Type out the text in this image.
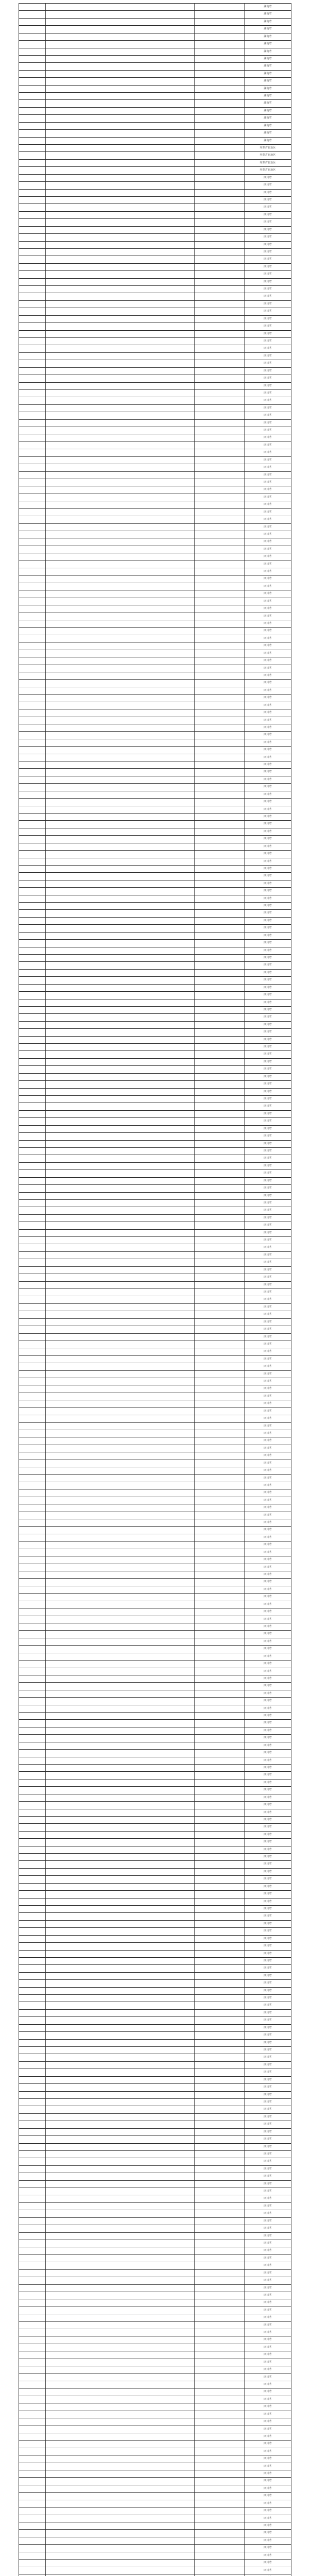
湖南省
湖南省
湖南省
湖南省
湖南省
湖南省
湖南省
湖南省
湖南省
湖南省
湖南省
湖南省
湖南省
湖南省
湖南省
湖南省
湖南省
湖南省
湖南省
内蒙古自治区
内蒙古自治区
内蒙古自治区
内蒙古自治区
四川省
四川省
四川省
四川省
四川省
四川省
四川省
四川省
四川省
四川省
四川省
四川省
四川省
四川省
四川省
四川省
四川省
四川省
四川省
四川省
四川省
四川省
四川省
四川省
四川省
四川省
四川省
四川省
四川省
四川省
四川省
四川省
四川省
四川省
四川省
四川省
四川省
四川省
四川省
四川省
四川省
四川省
四川省
四川省
四川省
四川省
四川省
四川省
四川省
四川省
四川省
四川省
四川省
四川省
四川省
四川省
四川省
四川省
四川省
四川省
四川省
四川省
四川省
四川省
四川省
四川省
四川省
四川省
四川省
四川省
四川省
四川省
四川省
四川省
四川省
四川省
四川省
四川省
四川省
四川省
四川省
四川省
四川省
四川省
四川省
四川省
四川省
四川省
四川省
四川省
四川省
四川省
四川省
四川省
四川省
四川省
四川省
四川省
四川省
四川省
四川省
四川省
四川省
四川省
四川省
四川省
四川省
四川省
四川省
四川省
四川省
四川省
四川省
四川省
四川省
四川省
四川省
四川省
四川省
四川省
四川省
四川省
四川省
四川省
四川省
四川省
四川省
四川省
四川省
四川省
四川省
四川省
四川省
四川省
四川省
四川省
四川省
四川省
四川省
四川省
四川省
四川省
四川省
四川省
四川省
四川省
四川省
四川省
四川省
四川省
四川省
四川省
四川省
四川省
四川省
四川省
四川省
四川省
四川省
四川省
四川省
四川省
四川省
四川省
四川省
四川省
四川省
四川省
四川省
四川省
四川省
四川省
四川省
四川省
四川省
四川省
四川省
四川省
四川省
四川省
四川省
四川省
四川省
四川省
四川省
四川省
四川省
四川省
四川省
四川省
四川省
四川省
四川省
四川省
四川省
四川省
四川省
四川省
四川省
四川省
四川省
四川省
四川省
四川省
四川省
四川省
四川省
四川省
四川省
四川省
四川省
四川省
四川省
四川省
四川省
四川省
四川省
四川省
四川省
四川省
四川省
四川省
四川省
四川省
四川省
四川省
四川省
四川省
四川省
四川省
四川省
四川省
四川省
四川省
四川省
四川省
四川省
四川省
四川省
四川省
四川省
四川省
四川省
四川省
四川省
四川省
四川省
四川省
四川省
四川省
四川省
四川省
四川省
四川省
四川省
四川省
四川省
四川省
四川省
四川省
四川省
四川省
四川省
四川省
四川省
四川省
四川省
四川省
四川省
四川省
四川省
四川省
四川省
四川省
四川省
四川省
四川省
四川省
四川省
四川省
四川省
四川省
四川省
四川省
四川省
四川省
四川省
四川省
四川省
四川省
四川省
四川省
四川省
四川省
四川省
四川省
四川省
四川省
四川省
四川省
四川省
四川省
四川省
四川省
四川省
四川省
四川省
四川省
四川省
四川省
四川省
四川省
四川省
四川省
四川省
四川省
四川省
四川省
四川省
四川省
四川省
四川省
四川省
